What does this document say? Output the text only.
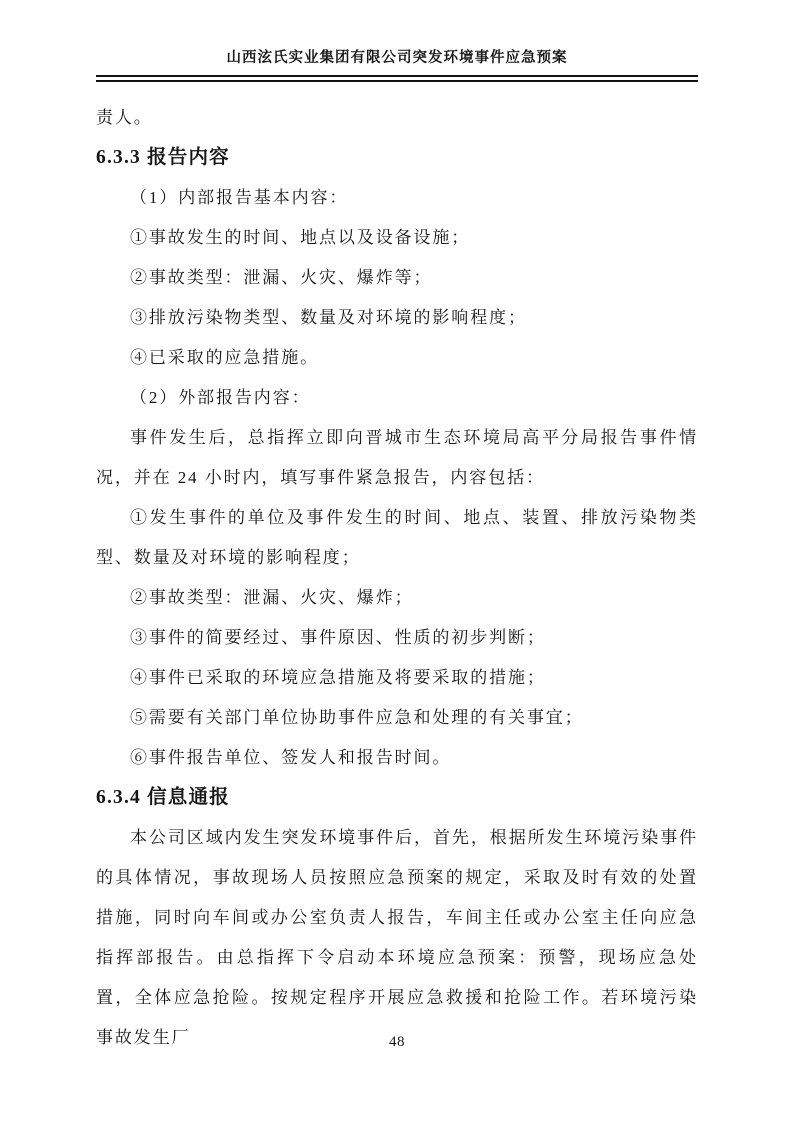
山西泫氏实业集团有限公司突发环境事件应急预案

责人。

6.3.3 报告内容

（1）内部报告基本内容：

①事故发生的时间、地点以及设备设施；

②事故类型：泄漏、火灾、爆炸等；

③排放污染物类型、数量及对环境的影响程度；

④已采取的应急措施。

（2）外部报告内容：

事件发生后，总指挥立即向晋城市生态环境局高平分局报告事件情况，并在 24 小时内，填写事件紧急报告，内容包括：

①发生事件的单位及事件发生的时间、地点、装置、排放污染物类型、数量及对环境的影响程度；

②事故类型：泄漏、火灾、爆炸；

③事件的简要经过、事件原因、性质的初步判断；

④事件已采取的环境应急措施及将要采取的措施；

⑤需要有关部门单位协助事件应急和处理的有关事宜；

⑥事件报告单位、签发人和报告时间。

6.3.4 信息通报

本公司区域内发生突发环境事件后，首先，根据所发生环境污染事件的具体情况，事故现场人员按照应急预案的规定，采取及时有效的处置措施，同时向车间或办公室负责人报告，车间主任或办公室主任向应急指挥部报告。由总指挥下令启动本环境应急预案：预警，现场应急处置，全体应急抢险。按规定程序开展应急救援和抢险工作。若环境污染事故发生厂	48
